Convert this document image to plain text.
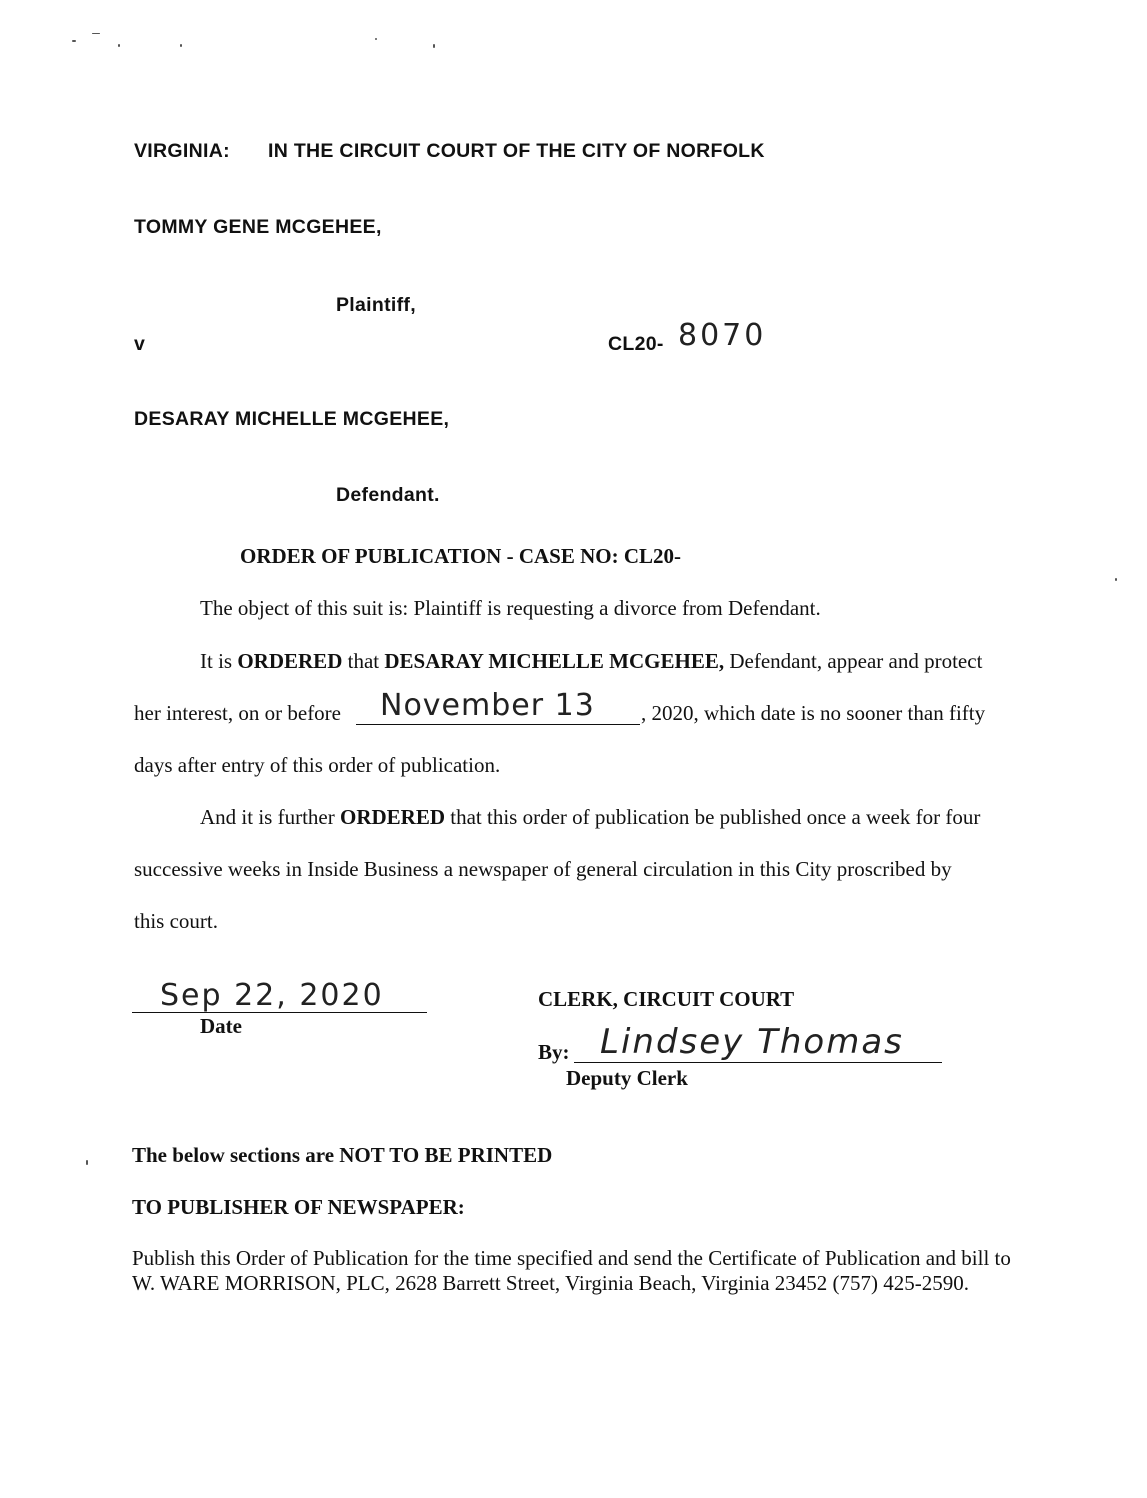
VIRGINIA: IN THE CIRCUIT COURT OF THE CITY OF NORFOLK
TOMMY GENE MCGEHEE,
Plaintiff,
v	CL20- 8070
DESARAY MICHELLE MCGEHEE,
Defendant.
ORDER OF PUBLICATION - CASE NO: CL20-
The object of this suit is: Plaintiff is requesting a divorce from Defendant.
It is ORDERED that DESARAY MICHELLE MCGEHEE, Defendant, appear and protect
her interest, on or before November 13 , 2020, which date is no sooner than fifty
days after entry of this order of publication.
And it is further ORDERED that this order of publication be published once a week for four
successive weeks in Inside Business a newspaper of general circulation in this City proscribed by
this court.
Sep 22, 2020
Date
CLERK, CIRCUIT COURT
By: Lindsey Thomas
Deputy Clerk
The below sections are NOT TO BE PRINTED
TO PUBLISHER OF NEWSPAPER:
Publish this Order of Publication for the time specified and send the Certificate of Publication and bill to W. WARE MORRISON, PLC, 2628 Barrett Street, Virginia Beach, Virginia 23452 (757) 425-2590.
